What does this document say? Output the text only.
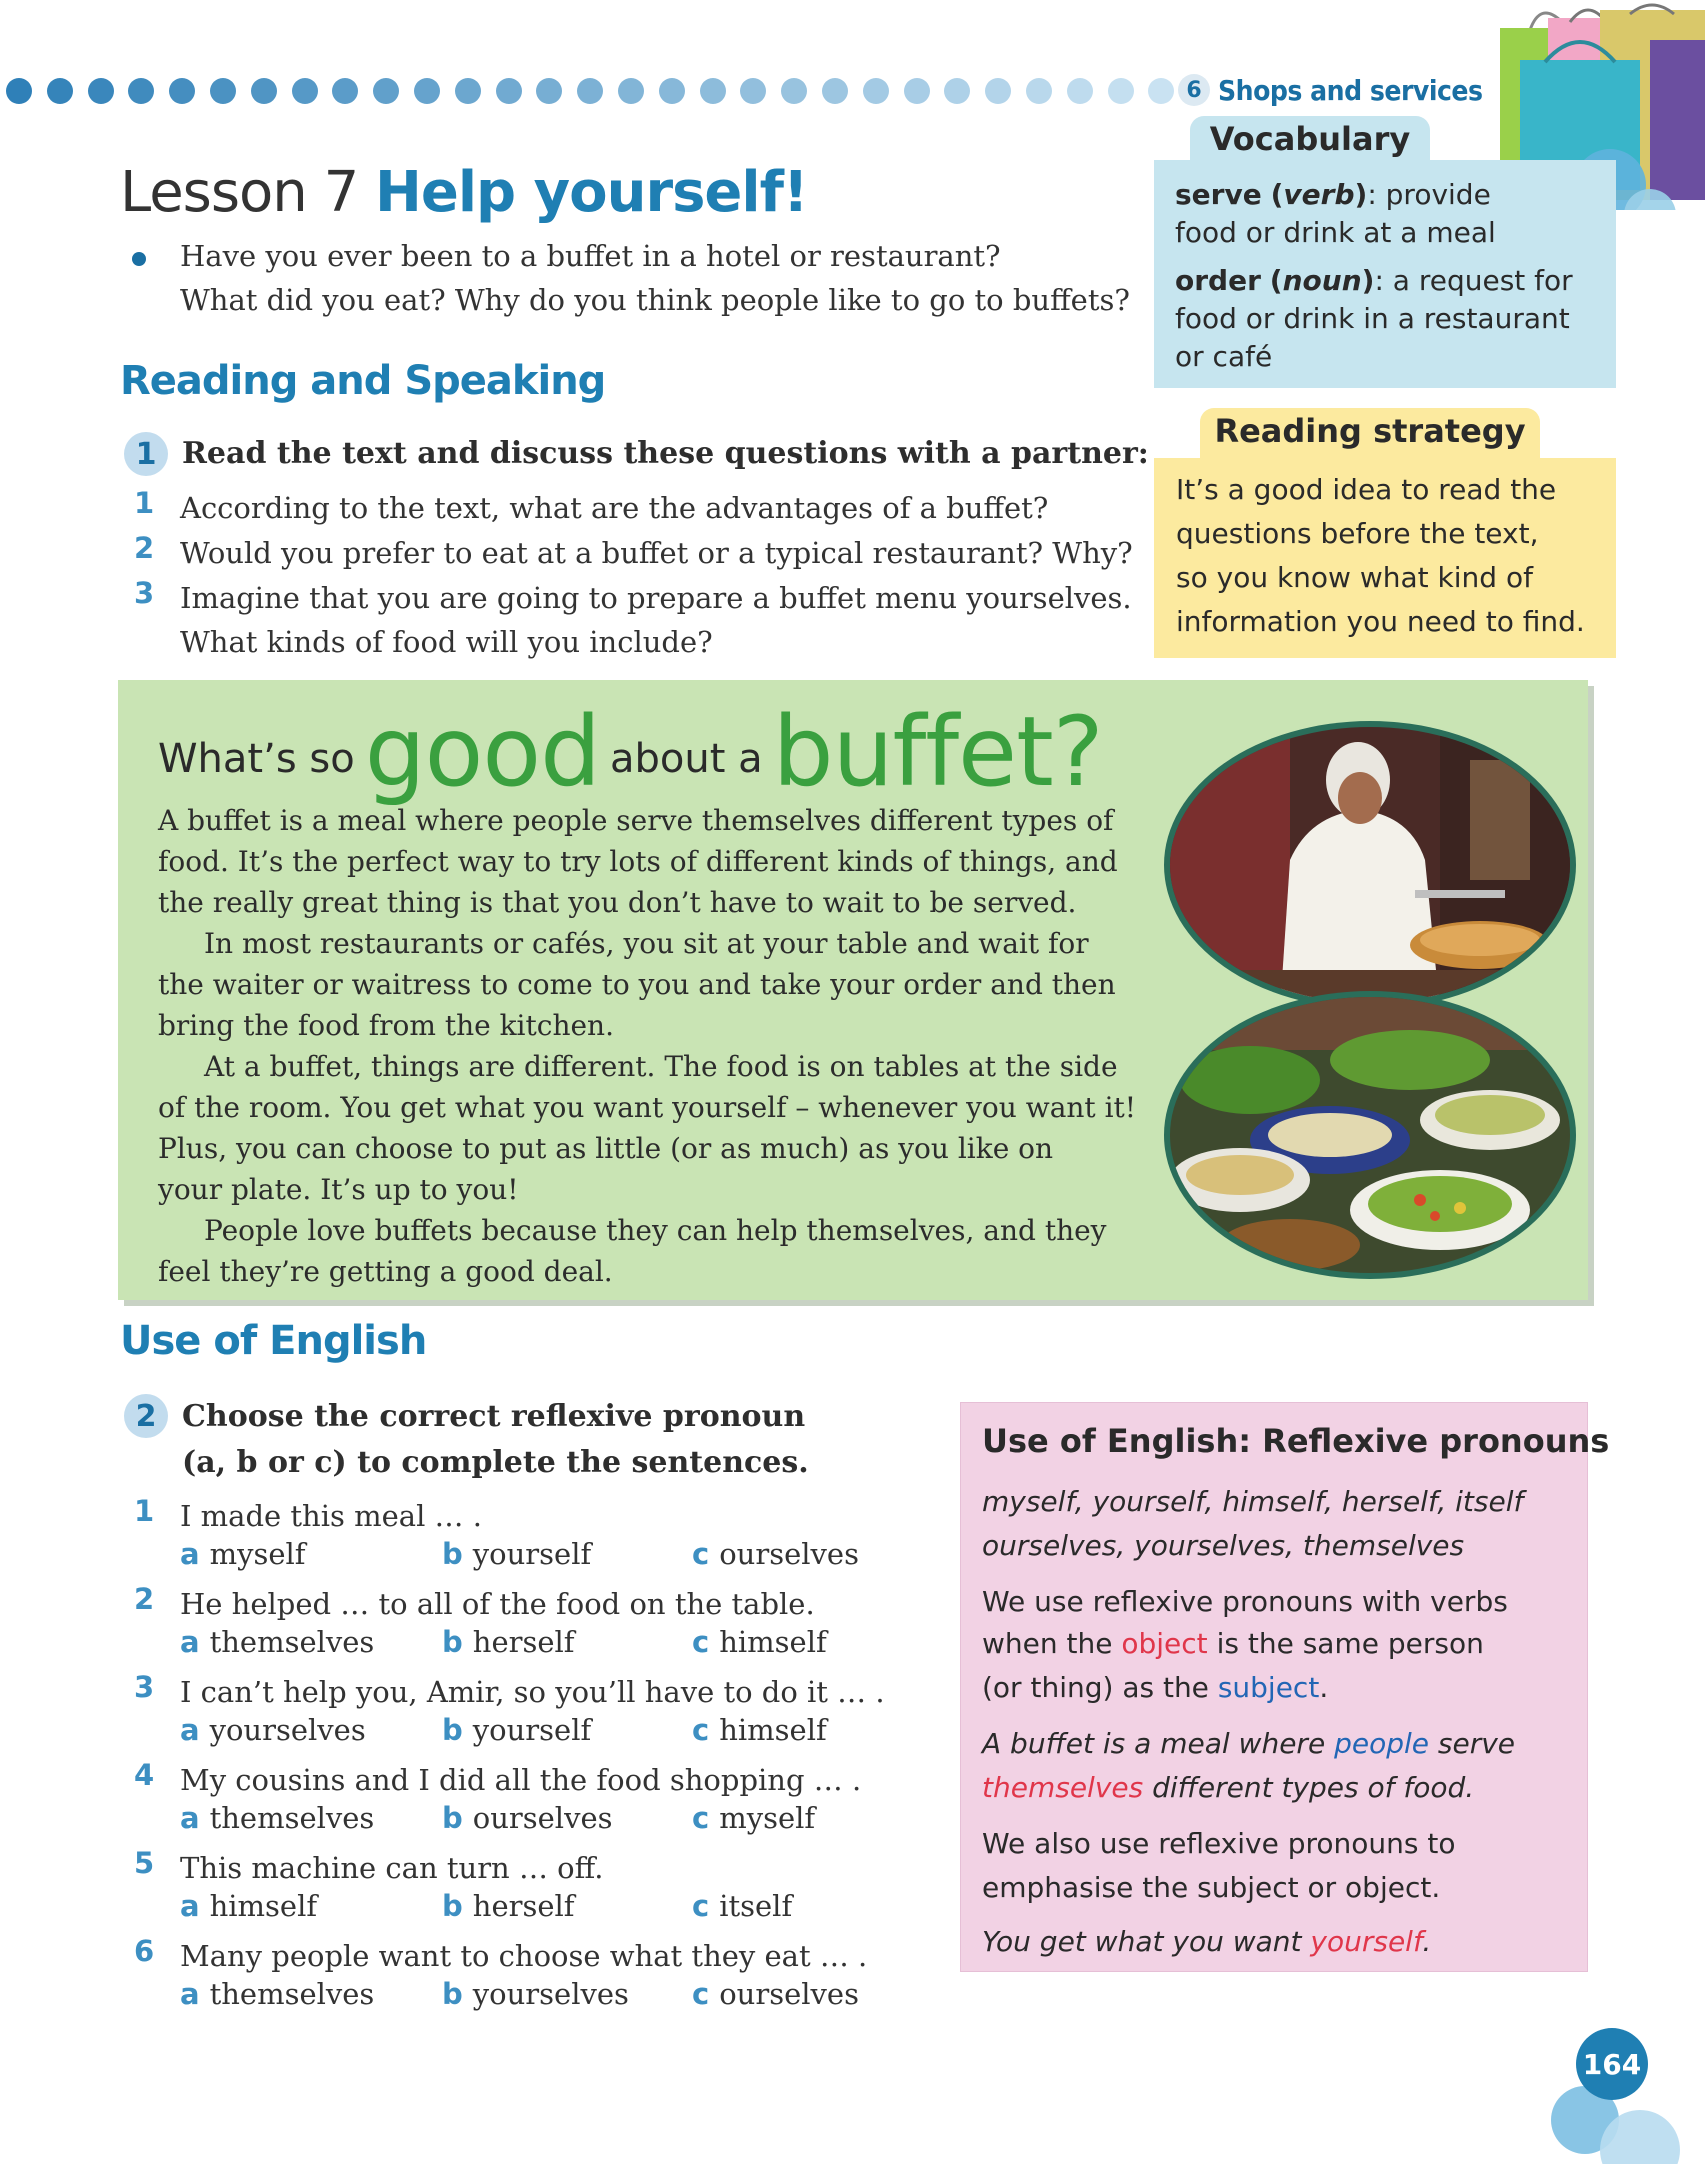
6 Shops and services
Lesson 7 Help yourself!
Have you ever been to a buffet in a hotel or restaurant?
What did you eat? Why do you think people like to go to buffets?
Reading and Speaking
1 Read the text and discuss these questions with a partner:
1 According to the text, what are the advantages of a buffet?
2 Would you prefer to eat at a buffet or a typical restaurant? Why?
3 Imagine that you are going to prepare a buffet menu yourselves.
What kinds of food will you include?
Vocabulary
serve (verb): provide
food or drink at a meal
order (noun): a request for
food or drink in a restaurant
or café
Reading strategy
It’s a good idea to read the
questions before the text,
so you know what kind of
information you need to find.
What’s so good about a buffet?
A buffet is a meal where people serve themselves different types of
food. It’s the perfect way to try lots of different kinds of things, and
the really great thing is that you don’t have to wait to be served.
In most restaurants or cafés, you sit at your table and wait for
the waiter or waitress to come to you and take your order and then
bring the food from the kitchen.
At a buffet, things are different. The food is on tables at the side
of the room. You get what you want yourself – whenever you want it!
Plus, you can choose to put as little (or as much) as you like on
your plate. It’s up to you!
People love buffets because they can help themselves, and they
feel they’re getting a good deal.
Use of English
2 Choose the correct reflexive pronoun
(a, b or c) to complete the sentences.
1 I made this meal … .
a myself	b yourself	c ourselves
2 He helped … to all of the food on the table.
a themselves b herself	c himself
3 I can’t help you, Amir, so you’ll have to do it … .
a yourselves	b yourself	c himself
4 My cousins and I did all the food shopping … .
a themselves b ourselves	c myself
5 This machine can turn … off.
a himself	b herself	c itself
6 Many people want to choose what they eat … .
a themselves b yourselves c ourselves
Use of English: Reflexive pronouns
myself, yourself, himself, herself, itself
ourselves, yourselves, themselves
We use reflexive pronouns with verbs
when the object is the same person
(or thing) as the subject.
A buffet is a meal where people serve
themselves different types of food.
We also use reflexive pronouns to
emphasise the subject or object.
You get what you want yourself.
164
